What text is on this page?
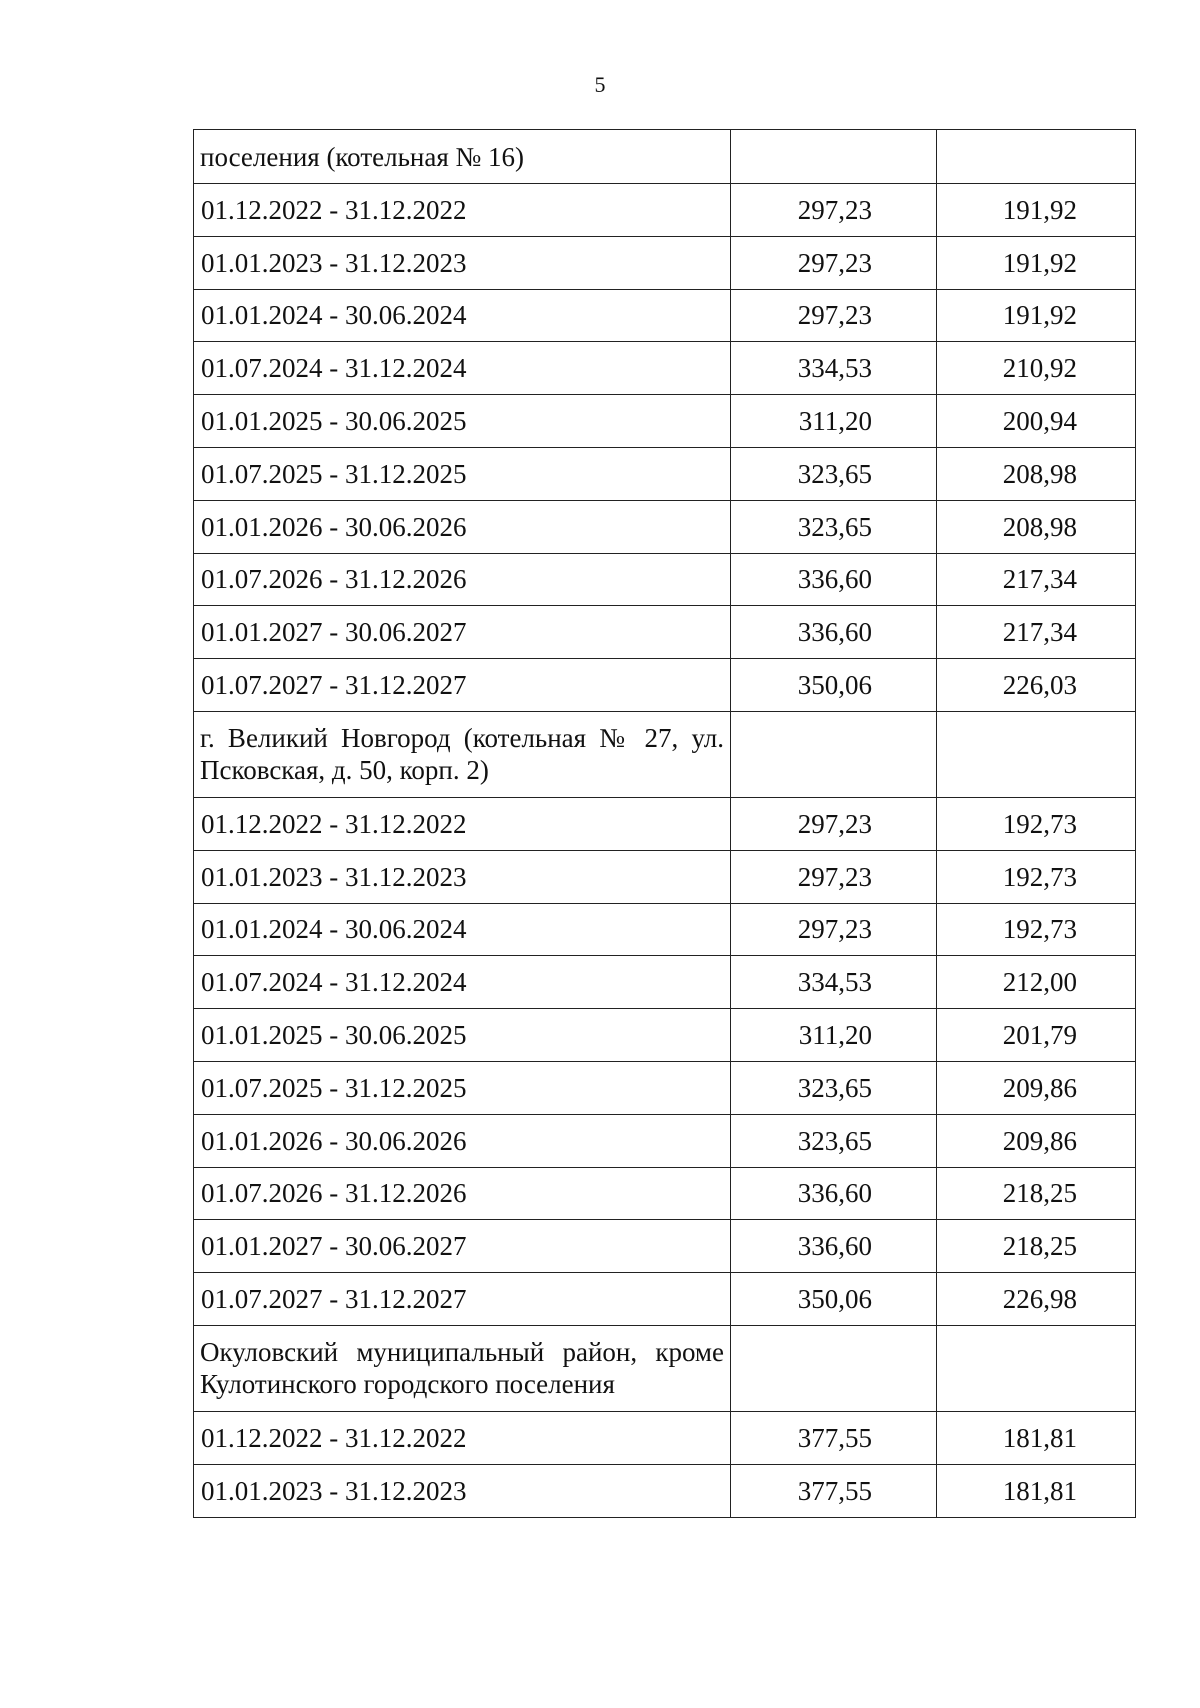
5
поселения (котельная № 16)		
01.12.2022 - 31.12.2022	297,23	191,92
01.01.2023 - 31.12.2023	297,23	191,92
01.01.2024 - 30.06.2024	297,23	191,92
01.07.2024 - 31.12.2024	334,53	210,92
01.01.2025 - 30.06.2025	311,20	200,94
01.07.2025 - 31.12.2025	323,65	208,98
01.01.2026 - 30.06.2026	323,65	208,98
01.07.2026 - 31.12.2026	336,60	217,34
01.01.2027 - 30.06.2027	336,60	217,34
01.07.2027 - 31.12.2027	350,06	226,03
г. Великий Новгород (котельная № 27, ул. Псковская, д. 50, корп. 2)		
01.12.2022 - 31.12.2022	297,23	192,73
01.01.2023 - 31.12.2023	297,23	192,73
01.01.2024 - 30.06.2024	297,23	192,73
01.07.2024 - 31.12.2024	334,53	212,00
01.01.2025 - 30.06.2025	311,20	201,79
01.07.2025 - 31.12.2025	323,65	209,86
01.01.2026 - 30.06.2026	323,65	209,86
01.07.2026 - 31.12.2026	336,60	218,25
01.01.2027 - 30.06.2027	336,60	218,25
01.07.2027 - 31.12.2027	350,06	226,98
Окуловский муниципальный район, кроме Кулотинского городского поселения		
01.12.2022 - 31.12.2022	377,55	181,81
01.01.2023 - 31.12.2023	377,55	181,81
